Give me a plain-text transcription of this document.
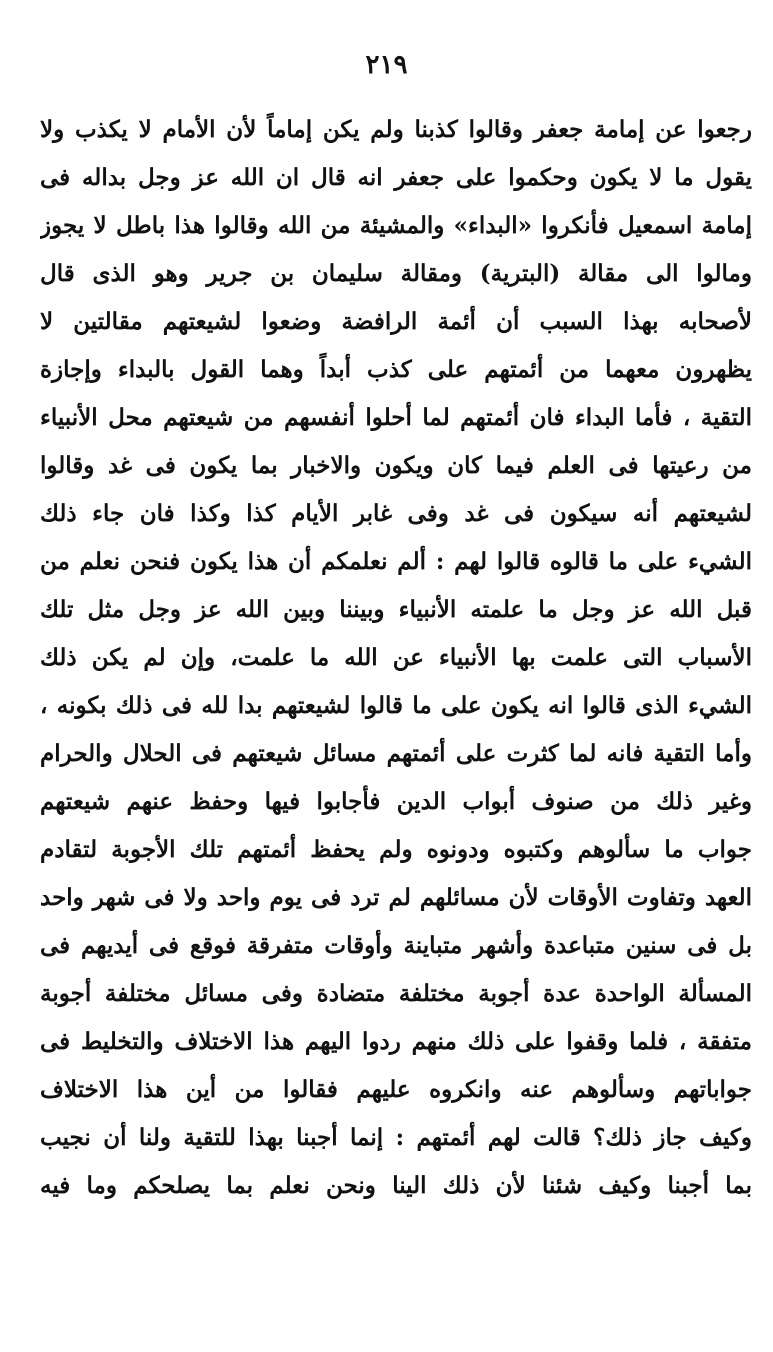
٢١٩
رجعوا عن إمامة جعفر وقالوا كذبنا ولم يكن إماماً لأن الأمام لا يكذب ولا
يقول ما لا يكون وحكموا على جعفر انه قال ان الله عز وجل بداله فى
إمامة اسمعيل فأنكروا «البداء» والمشيئة من الله وقالوا هذا باطل لا يجوز
ومالوا الى مقالة (البترية) ومقالة سليمان بن جرير وهو الذى قال
لأصحابه بهذا السبب أن أئمة الرافضة وضعوا لشيعتهم مقالتين لا
يظهرون معهما من أئمتهم على كذب أبداً وهما القول بالبداء وإجازة
التقية ، فأما البداء فان أئمتهم لما أحلوا أنفسهم من شيعتهم محل الأنبياء
من رعيتها فى العلم فيما كان ويكون والاخبار بما يكون فى غد وقالوا
لشيعتهم أنه سيكون فى غد وفى غابر الأيام كذا وكذا فان جاء ذلك
الشيء على ما قالوه قالوا لهم : ألم نعلمكم أن هذا يكون فنحن نعلم من
قبل الله عز وجل ما علمته الأنبياء وبيننا وبين الله عز وجل مثل تلك
الأسباب التى علمت بها الأنبياء عن الله ما علمت، وإن لم يكن ذلك
الشيء الذى قالوا انه يكون على ما قالوا لشيعتهم بدا لله فى ذلك بكونه ،
وأما التقية فانه لما كثرت على أئمتهم مسائل شيعتهم فى الحلال والحرام
وغير ذلك من صنوف أبواب الدين فأجابوا فيها وحفظ عنهم شيعتهم
جواب ما سألوهم وكتبوه ودونوه ولم يحفظ أئمتهم تلك الأجوبة لتقادم
العهد وتفاوت الأوقات لأن مسائلهم لم ترد فى يوم واحد ولا فى شهر واحد
بل فى سنين متباعدة وأشهر متباينة وأوقات متفرقة فوقع فى أيديهم فى
المسألة الواحدة عدة أجوبة مختلفة متضادة وفى مسائل مختلفة أجوبة
متفقة ، فلما وقفوا على ذلك منهم ردوا اليهم هذا الاختلاف والتخليط فى
جواباتهم وسألوهم عنه وانكروه عليهم فقالوا من أين هذا الاختلاف
وكيف جاز ذلك؟ قالت لهم أئمتهم : إنما أجبنا بهذا للتقية ولنا أن نجيب
بما أجبنا وكيف شئنا لأن ذلك الينا ونحن نعلم بما يصلحكم وما فيه
